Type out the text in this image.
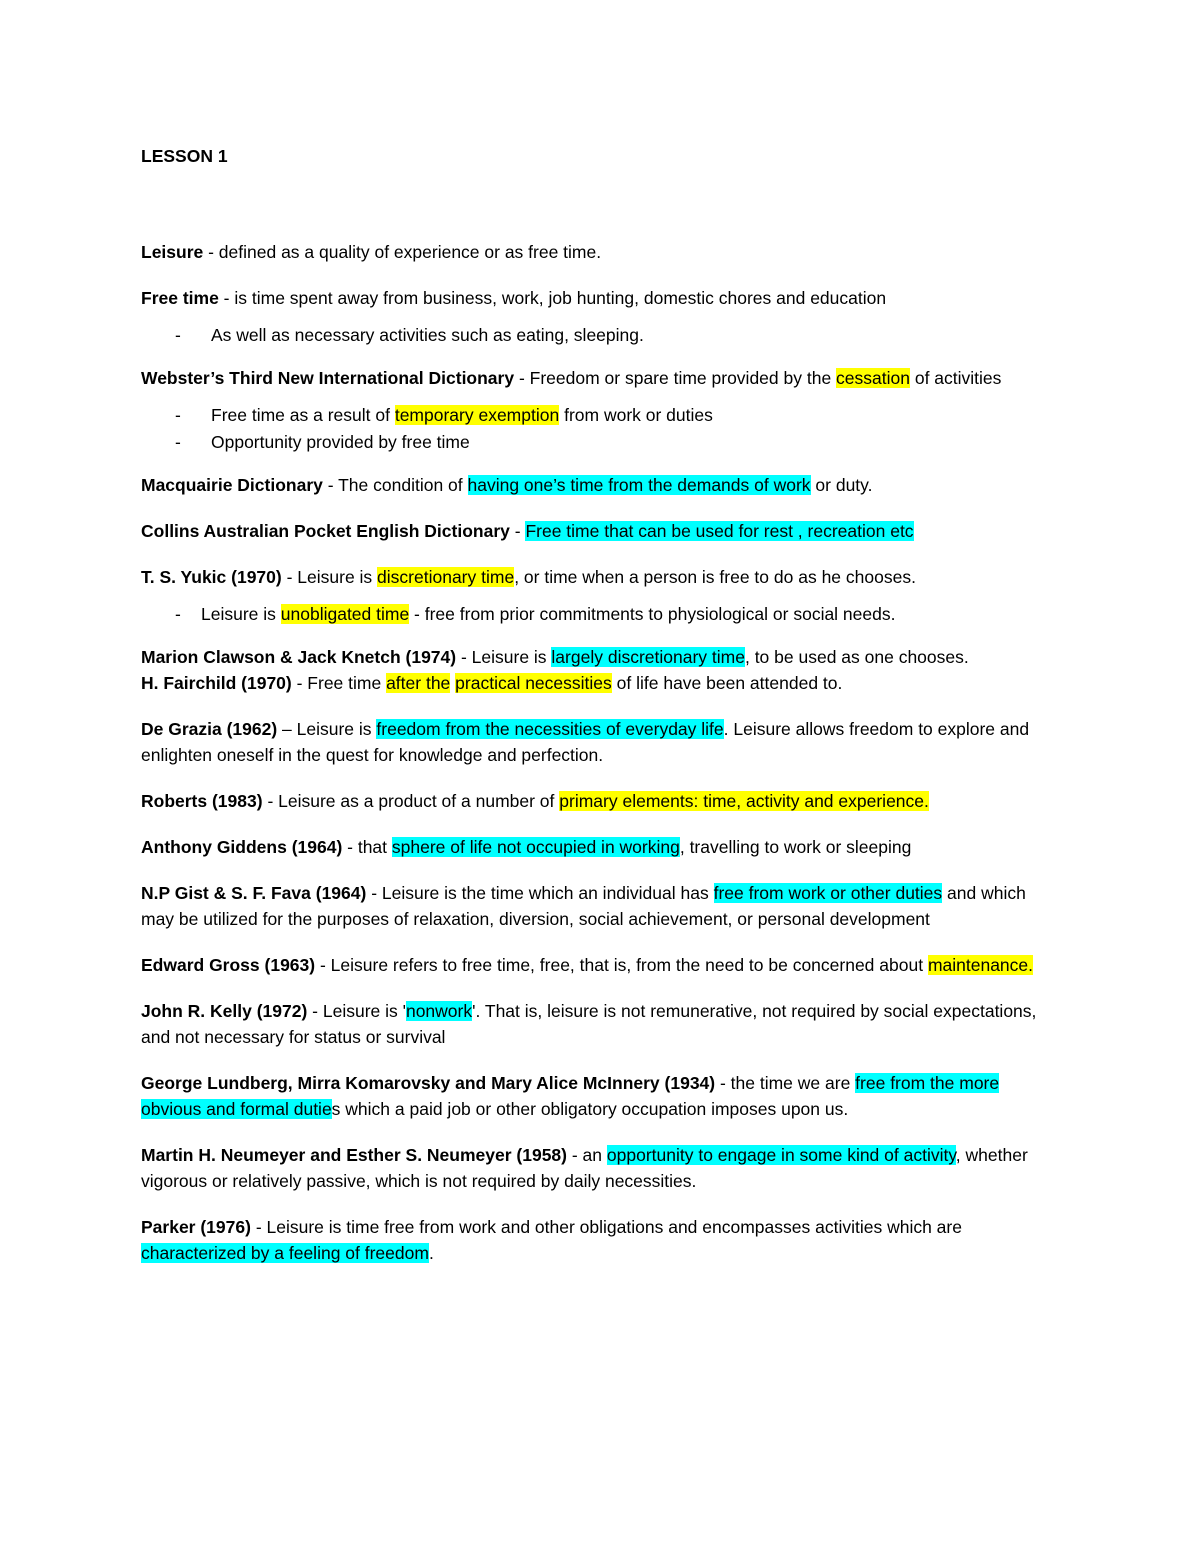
LESSON 1

Leisure - defined as a quality of experience or as free time.

Free time - is time spent away from business, work, job hunting, domestic chores and education

- As well as necessary activities such as eating, sleeping.

Webster’s Third New International Dictionary - Freedom or spare time provided by the cessation of activities

- Free time as a result of temporary exemption from work or duties
- Opportunity provided by free time

Macquairie Dictionary - The condition of having one’s time from the demands of work or duty.

Collins Australian Pocket English Dictionary - Free time that can be used for rest , recreation etc

T. S. Yukic (1970) - Leisure is discretionary time, or time when a person is free to do as he chooses.

- Leisure is unobligated time - free from prior commitments to physiological or social needs.

Marion Clawson & Jack Knetch (1974) - Leisure is largely discretionary time, to be used as one chooses.

H. Fairchild (1970) - Free time after the practical necessities of life have been attended to.

De Grazia (1962) – Leisure is freedom from the necessities of everyday life. Leisure allows freedom to explore and enlighten oneself in the quest for knowledge and perfection.

Roberts (1983) - Leisure as a product of a number of primary elements: time, activity and experience.

Anthony Giddens (1964) - that sphere of life not occupied in working, travelling to work or sleeping

N.P Gist & S. F. Fava (1964) - Leisure is the time which an individual has free from work or other duties and which may be utilized for the purposes of relaxation, diversion, social achievement, or personal development

Edward Gross (1963) - Leisure refers to free time, free, that is, from the need to be concerned about maintenance.

John R. Kelly (1972) - Leisure is 'nonwork'. That is, leisure is not remunerative, not required by social expectations, and not necessary for status or survival

George Lundberg, Mirra Komarovsky and Mary Alice McInnery (1934) - the time we are free from the more obvious and formal duties which a paid job or other obligatory occupation imposes upon us.

Martin H. Neumeyer and Esther S. Neumeyer (1958) - an opportunity to engage in some kind of activity, whether vigorous or relatively passive, which is not required by daily necessities.

Parker (1976) - Leisure is time free from work and other obligations and encompasses activities which are characterized by a feeling of freedom.
